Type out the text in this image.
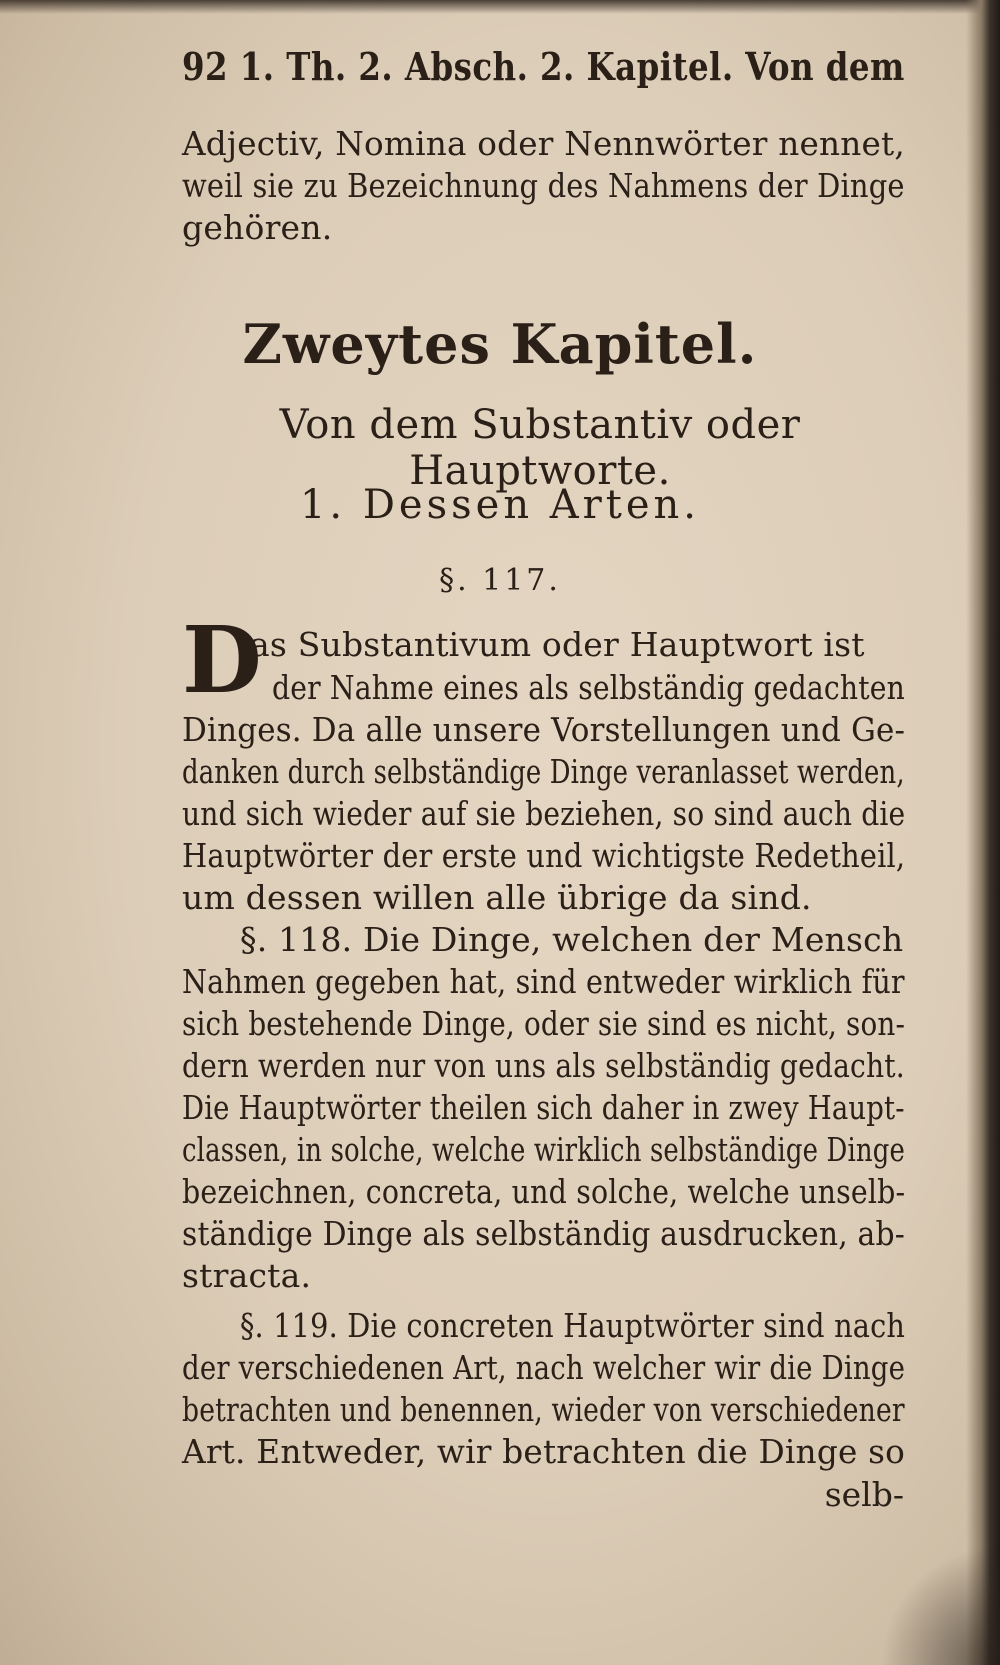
92 1. Th. 2. Absch. 2. Kapitel. Von dem
Adjectiv, Nomina oder Nennwörter nennet,
weil sie zu Bezeichnung des Nahmens der Dinge
gehören.
Zweytes Kapitel.
Von dem Substantiv oder Hauptworte.
1. Dessen Arten.
§. 117.
D
as Substantivum oder Hauptwort ist
der Nahme eines als selbständig gedachten
Dinges. Da alle unsere Vorstellungen und Ge-
danken durch selbständige Dinge veranlasset werden,
und sich wieder auf sie beziehen, so sind auch die
Hauptwörter der erste und wichtigste Redetheil,
um dessen willen alle übrige da sind.
§. 118. Die Dinge, welchen der Mensch
Nahmen gegeben hat, sind entweder wirklich für
sich bestehende Dinge, oder sie sind es nicht, son-
dern werden nur von uns als selbständig gedacht.
Die Hauptwörter theilen sich daher in zwey Haupt-
classen, in solche, welche wirklich selbständige Dinge
bezeichnen, concreta, und solche, welche unselb-
ständige Dinge als selbständig ausdrucken, ab-
stracta.
§. 119. Die concreten Hauptwörter sind nach
der verschiedenen Art, nach welcher wir die Dinge
betrachten und benennen, wieder von verschiedener
Art. Entweder, wir betrachten die Dinge so
selb-
